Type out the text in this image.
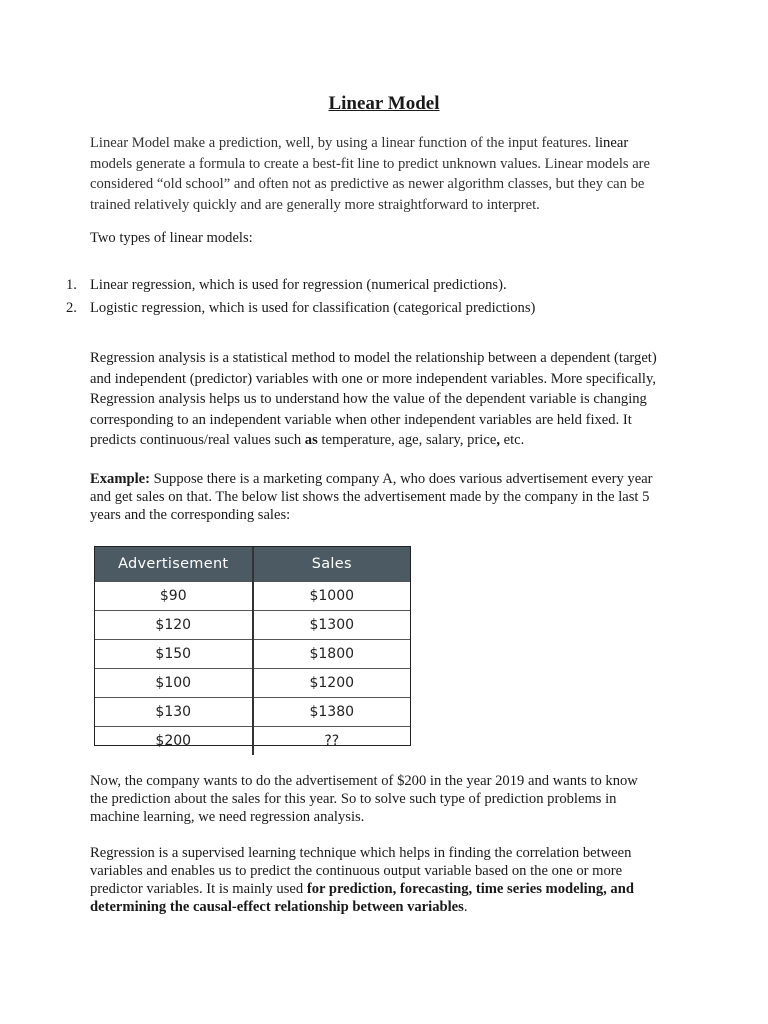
Linear Model

Linear Model make a prediction, well, by using a linear function of the input features. linear
models generate a formula to create a best-fit line to predict unknown values. Linear models are
considered “old school” and often not as predictive as newer algorithm classes, but they can be
trained relatively quickly and are generally more straightforward to interpret.

Two types of linear models:

1. Linear regression, which is used for regression (numerical predictions).
2. Logistic regression, which is used for classification (categorical predictions)

Regression analysis is a statistical method to model the relationship between a dependent (target)
and independent (predictor) variables with one or more independent variables. More specifically,
Regression analysis helps us to understand how the value of the dependent variable is changing
corresponding to an independent variable when other independent variables are held fixed. It
predicts continuous/real values such as temperature, age, salary, price, etc.

Example: Suppose there is a marketing company A, who does various advertisement every year
and get sales on that. The below list shows the advertisement made by the company in the last 5
years and the corresponding sales:

Advertisement	Sales
$90	$1000
$120	$1300
$150	$1800
$100	$1200
$130	$1380
$200	??

Now, the company wants to do the advertisement of $200 in the year 2019 and wants to know
the prediction about the sales for this year. So to solve such type of prediction problems in
machine learning, we need regression analysis.

Regression is a supervised learning technique which helps in finding the correlation between
variables and enables us to predict the continuous output variable based on the one or more
predictor variables. It is mainly used for prediction, forecasting, time series modeling, and
determining the causal-effect relationship between variables.
